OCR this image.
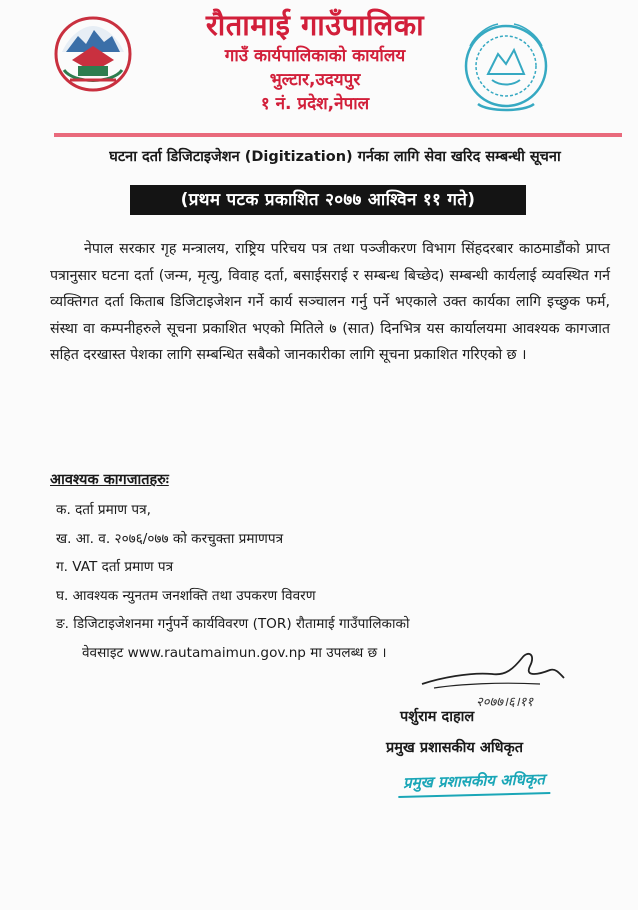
रौतामाई गाउँपालिका
गाउँ कार्यपालिकाको कार्यालय
भुल्टार,उदयपुर
१ नं. प्रदेश,नेपाल
घटना दर्ता डिजिटाइजेशन (Digitization) गर्नका लागि सेवा खरिद सम्बन्धी सूचना
(प्रथम पटक प्रकाशित २०७७ आश्विन ११ गते)

नेपाल सरकार गृह मन्त्रालय, राष्ट्रिय परिचय पत्र तथा पञ्जीकरण विभाग सिंहदरबार काठमाडौंको प्राप्त पत्रानुसार घटना दर्ता (जन्म, मृत्यु, विवाह दर्ता, बसाईसराई र सम्बन्ध बिच्छेद) सम्बन्धी कार्यलाई व्यवस्थित गर्न व्यक्तिगत दर्ता किताब डिजिटाइजेशन गर्ने कार्य सञ्चालन गर्नु पर्ने भएकाले उक्त कार्यका लागि इच्छुक फर्म, संस्था वा कम्पनीहरुले सूचना प्रकाशित भएको मितिले ७ (सात) दिनभित्र यस कार्यालयमा आवश्यक कागजात सहित दरखास्त पेशका लागि सम्बन्धित सबैको जानकारीका लागि सूचना प्रकाशित गरिएको छ ।

आवश्यक कागजातहरुः
क. दर्ता प्रमाण पत्र,
ख. आ. व. २०७६/०७७ को करचुक्ता प्रमाणपत्र
ग. VAT दर्ता प्रमाण पत्र
घ. आवश्यक न्युनतम जनशक्ति तथा उपकरण विवरण
ङ. डिजिटाइजेशनमा गर्नुपर्ने कार्यविवरण (TOR) रौतामाई गाउँपालिकाको
वेवसाइट www.rautamaimun.gov.np मा उपलब्ध छ ।
२०७७।६।११
पर्शुराम दाहाल
प्रमुख प्रशासकीय अधिकृत
प्रमुख प्रशासकीय अधिकृत
